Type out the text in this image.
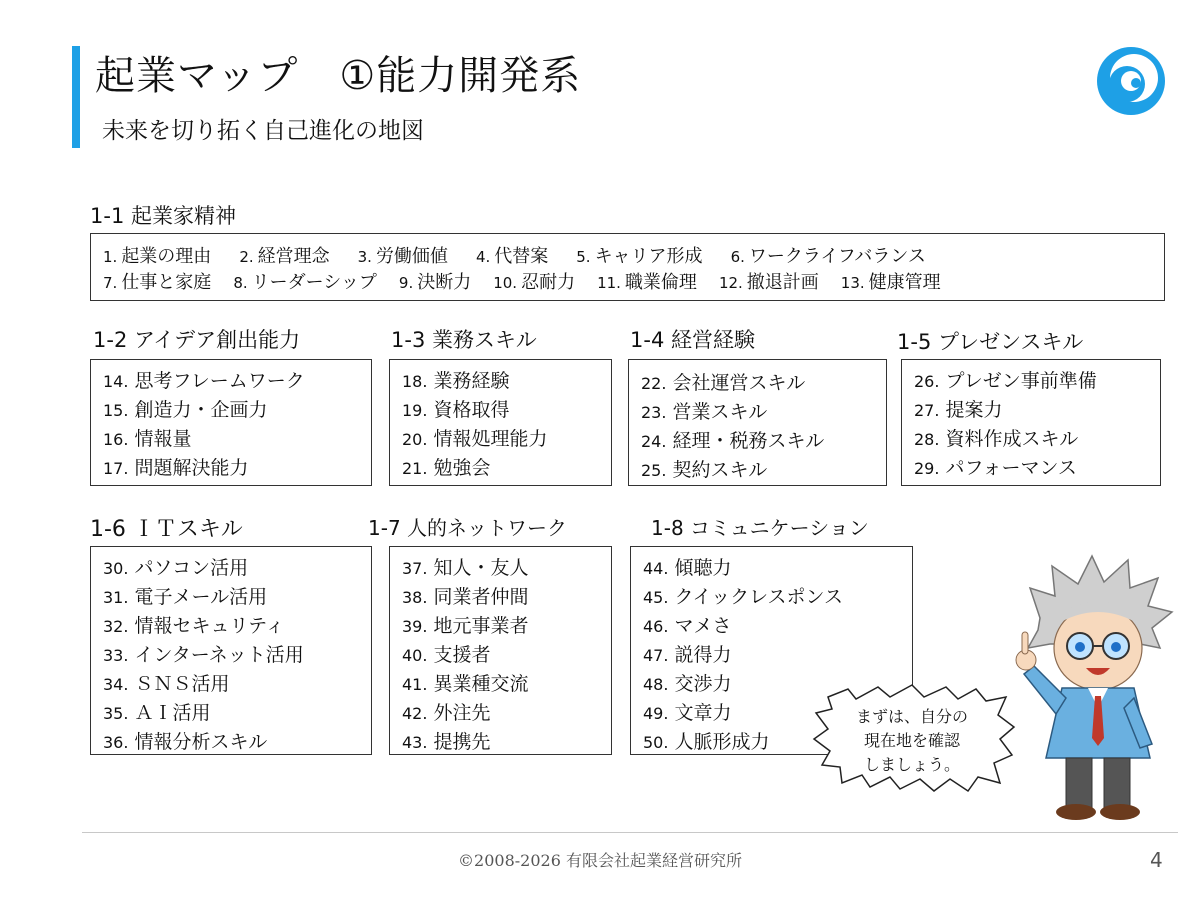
起業マップ　①能力開発系
未来を切り拓く自己進化の地図
1-1 起業家精神
1. 起業の理由 2. 経営理念 3. 労働価値 4. 代替案 5. キャリア形成 6. ワークライフバランス
7. 仕事と家庭 8. リーダーシップ 9. 決断力 10. 忍耐力 11. 職業倫理 12. 撤退計画 13. 健康管理
1-2 アイデア創出能力	1-3 業務スキル	1-4 経営経験	1-5 プレゼンスキル
14. 思考フレームワーク
15. 創造力・企画力
16. 情報量
17. 問題解決能力
18. 業務経験
19. 資格取得
20. 情報処理能力
21. 勉強会
22. 会社運営スキル
23. 営業スキル
24. 経理・税務スキル
25. 契約スキル
26. プレゼン事前準備
27. 提案力
28. 資料作成スキル
29. パフォーマンス
1-6 ＩＴスキル	1-7 人的ネットワーク	1-8 コミュニケーション
30. パソコン活用
31. 電子メール活用
32. 情報セキュリティ
33. インターネット活用
34. ＳＮＳ活用
35. ＡＩ活用
36. 情報分析スキル
37. 知人・友人
38. 同業者仲間
39. 地元事業者
40. 支援者
41. 異業種交流
42. 外注先
43. 提携先
44. 傾聴力
45. クイックレスポンス
46. マメさ
47. 説得力
48. 交渉力
49. 文章力
50. 人脈形成力
まずは、自分の
現在地を確認
しましょう。
©2008-2026 有限会社起業経営研究所	4
